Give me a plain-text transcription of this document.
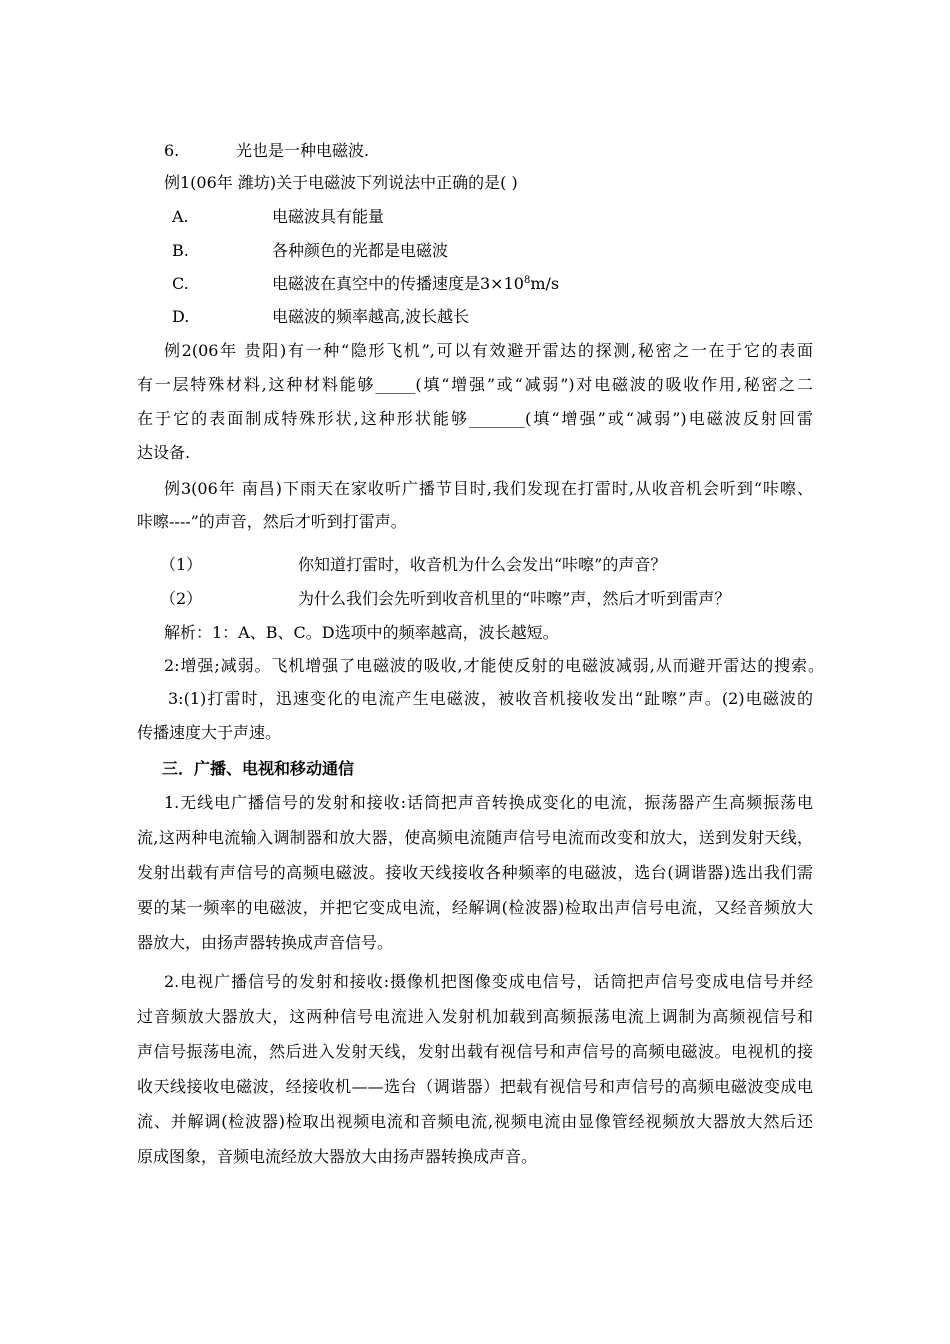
6.	光也是一种电磁波.
例1(06年 潍坊)关于电磁波下列说法中正确的是( )
A.	电磁波具有能量
B.	各种颜色的光都是电磁波
C.	电磁波在真空中的传播速度是$3\times 10^8m/s$
D.	电磁波的频率越高,波长越长
例2(06年 贵阳)有一种“隐形飞机”,可以有效避开雷达的探测,秘密之一在于它的表面
有一层特殊材料,这种材料能够_____(填“增强”或“减弱”)对电磁波的吸收作用,秘密之二
在于它的表面制成特殊形状,这种形状能够_______(填“增强”或“减弱”)电磁波反射回雷
达设备.
例3(06年 南昌)下雨天在家收听广播节目时,我们发现在打雷时,从收音机会听到“咔嚓、
咔嚓----”的声音，然后才听到打雷声。
（1）	你知道打雷时，收音机为什么会发出“咔嚓”的声音？
（2）	为什么我们会先听到收音机里的“咔嚓”声，然后才听到雷声？
解析：1：A、B、C。D选项中的频率越高，波长越短。
2:增强;减弱。飞机增强了电磁波的吸收,才能使反射的电磁波减弱,从而避开雷达的搜索。
3:(1)打雷时，迅速变化的电流产生电磁波，被收音机接收发出“趾嚓”声。(2)电磁波的
传播速度大于声速。
三．广播、电视和移动通信
1.无线电广播信号的发射和接收:话筒把声音转换成变化的电流，振荡器产生高频振荡电
流,这两种电流输入调制器和放大器，使高频电流随声信号电流而改变和放大，送到发射天线，
发射出载有声信号的高频电磁波。接收天线接收各种频率的电磁波，选台(调谐器)选出我们需
要的某一频率的电磁波，并把它变成电流，经解调(检波器)检取出声信号电流，又经音频放大
器放大，由扬声器转换成声音信号。
2.电视广播信号的发射和接收:摄像机把图像变成电信号，话筒把声信号变成电信号并经
过音频放大器放大，这两种信号电流进入发射机加载到高频振荡电流上调制为高频视信号和
声信号振荡电流，然后进入发射天线，发射出载有视信号和声信号的高频电磁波。电视机的接
收天线接收电磁波，经接收机——选台（调谐器）把载有视信号和声信号的高频电磁波变成电
流、并解调(检波器)检取出视频电流和音频电流,视频电流由显像管经视频放大器放大然后还
原成图象，音频电流经放大器放大由扬声器转换成声音。
